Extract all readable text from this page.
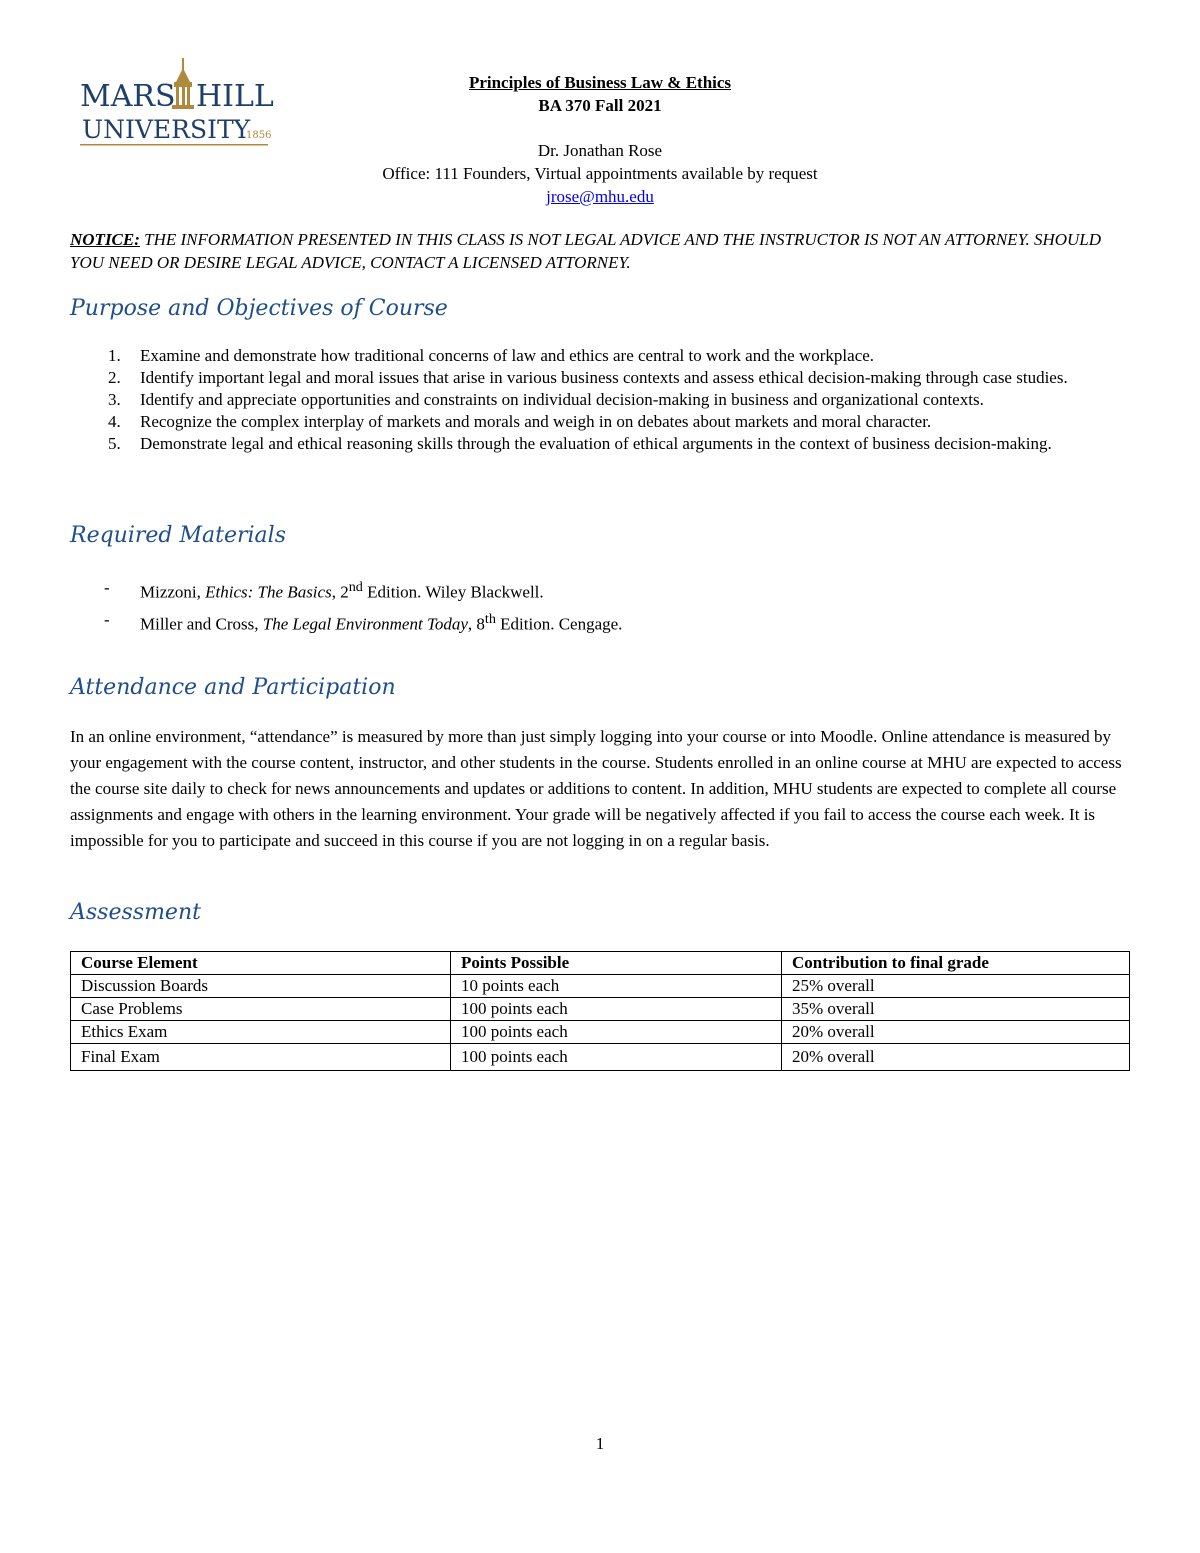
MARS HILL
UNIVERSITY
1856
Principles of Business Law & Ethics
BA 370 Fall 2021
Dr. Jonathan Rose
Office: 111 Founders, Virtual appointments available by request
jrose@mhu.edu
NOTICE: THE INFORMATION PRESENTED IN THIS CLASS IS NOT LEGAL ADVICE AND THE INSTRUCTOR IS NOT AN ATTORNEY. SHOULD YOU NEED OR DESIRE LEGAL ADVICE, CONTACT A LICENSED ATTORNEY.
Purpose and Objectives of Course
1. Examine and demonstrate how traditional concerns of law and ethics are central to work and the workplace.
2. Identify important legal and moral issues that arise in various business contexts and assess ethical decision-making through case studies.
3. Identify and appreciate opportunities and constraints on individual decision-making in business and organizational contexts.
4. Recognize the complex interplay of markets and morals and weigh in on debates about markets and moral character.
5. Demonstrate legal and ethical reasoning skills through the evaluation of ethical arguments in the context of business decision-making.
Required Materials
- Mizzoni, Ethics: The Basics, 2nd Edition. Wiley Blackwell.
- Miller and Cross, The Legal Environment Today, 8th Edition. Cengage.
Attendance and Participation
In an online environment, “attendance” is measured by more than just simply logging into your course or into Moodle. Online attendance is measured by your engagement with the course content, instructor, and other students in the course. Students enrolled in an online course at MHU are expected to access the course site daily to check for news announcements and updates or additions to content. In addition, MHU students are expected to complete all course assignments and engage with others in the learning environment. Your grade will be negatively affected if you fail to access the course each week. It is impossible for you to participate and succeed in this course if you are not logging in on a regular basis.
Assessment
Course Element	Points Possible	Contribution to final grade
Discussion Boards	10 points each	25% overall
Case Problems	100 points each	35% overall
Ethics Exam	100 points each	20% overall
Final Exam	100 points each	20% overall
1
